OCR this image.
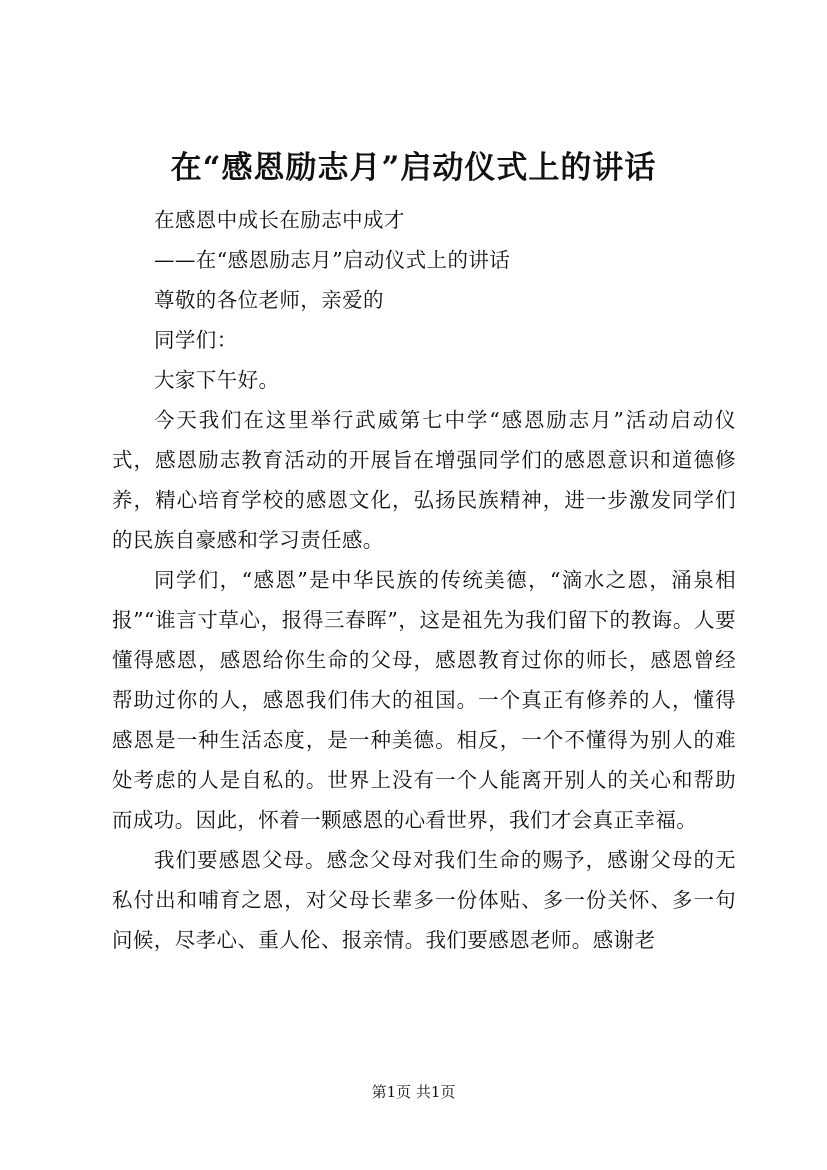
在“感恩励志月”启动仪式上的讲话

在感恩中成长在励志中成才

——在“感恩励志月”启动仪式上的讲话

尊敬的各位老师，亲爱的

同学们：

大家下午好。

今天我们在这里举行武威第七中学“感恩励志月”活动启动仪式，感恩励志教育活动的开展旨在增强同学们的感恩意识和道德修养，精心培育学校的感恩文化，弘扬民族精神，进一步激发同学们的民族自豪感和学习责任感。

同学们，“感恩”是中华民族的传统美德，“滴水之恩，涌泉相报”“谁言寸草心，报得三春晖”，这是祖先为我们留下的教诲。人要懂得感恩，感恩给你生命的父母，感恩教育过你的师长，感恩曾经帮助过你的人，感恩我们伟大的祖国。一个真正有修养的人，懂得感恩是一种生活态度，是一种美德。相反，一个不懂得为别人的难处考虑的人是自私的。世界上没有一个人能离开别人的关心和帮助而成功。因此，怀着一颗感恩的心看世界，我们才会真正幸福。

我们要感恩父母。感念父母对我们生命的赐予，感谢父母的无私付出和哺育之恩，对父母长辈多一份体贴、多一份关怀、多一句问候，尽孝心、重人伦、报亲情。我们要感恩老师。感谢老

第1页 共1页
